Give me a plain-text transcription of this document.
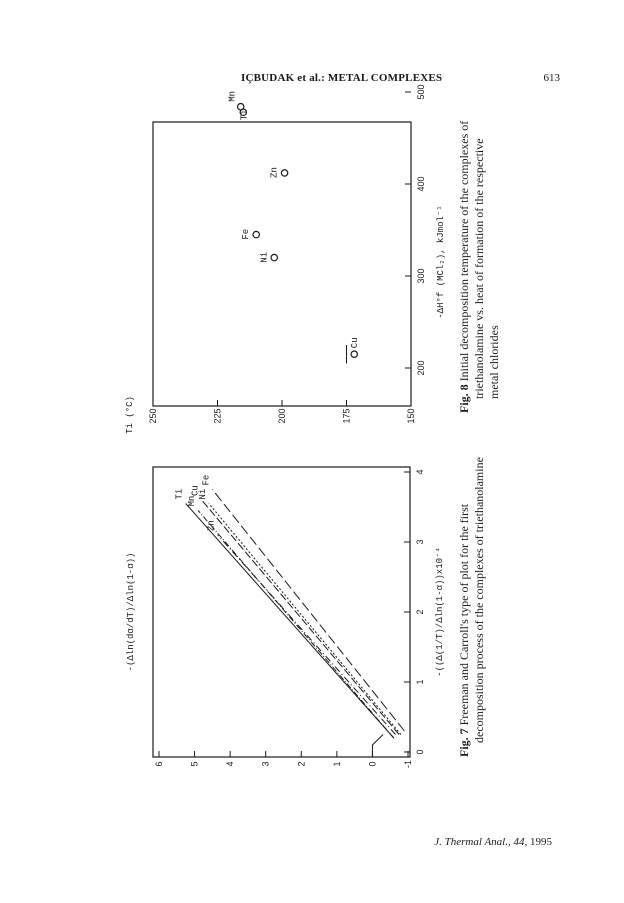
IÇBUDAK et al.: METAL COMPLEXES	613
0
1
2
3
4
-1
0
1
2
3
4
5
6
Ti
Mn
Cu
Ni
Fe
Zn
-((Δ(1/T)/Δln(1-α))x10⁻⁴
-(Δln(dα/dT)/Δln(1-α))
Fig. 7 Freeman and Carroll's type of plot for the first decomposition process of the complexes of triethanolamine
200
300
400
500
150
175
200
225
250
Cu
Ni
Fe
Zn
Ti
Mn
-ΔH°f (MCl₂), kJmol⁻¹
Ti (°C)	Fig. 8 Initial decomposition temperature of the complexes of triethanolamine vs. heat of formation of the respective metal chlorides
J. Thermal Anal., 44, 1995
